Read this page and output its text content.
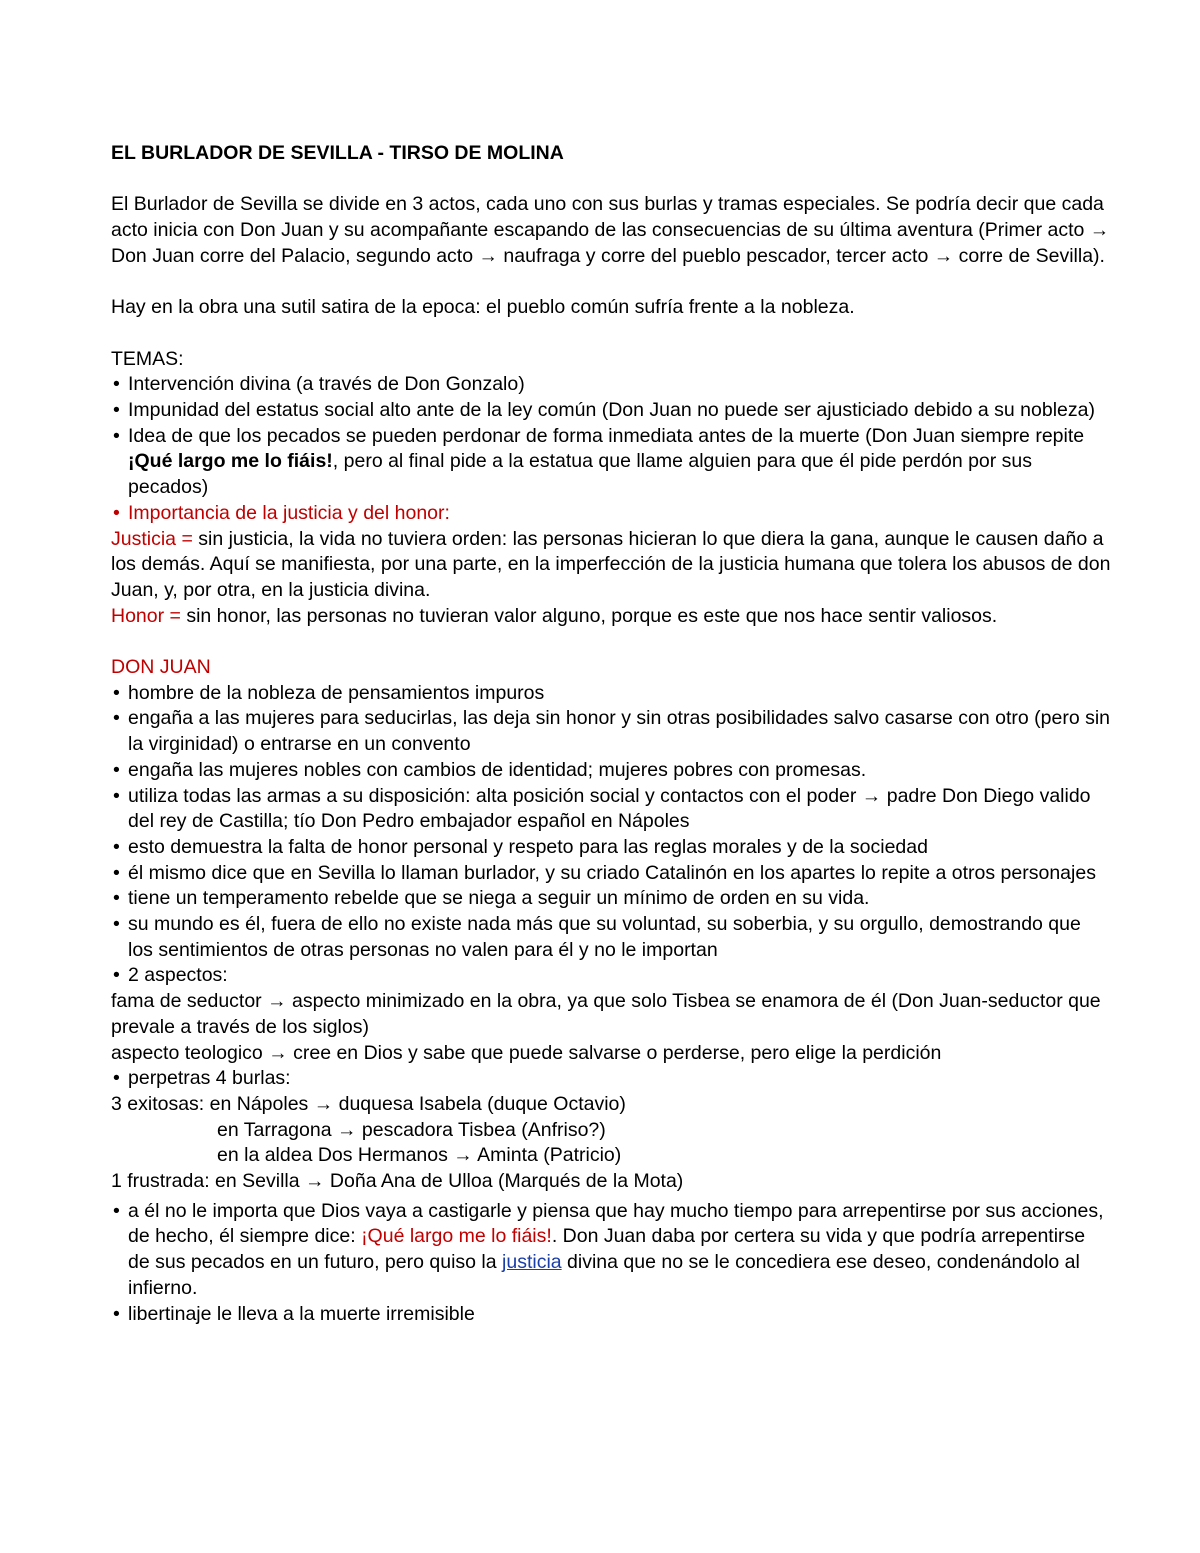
EL BURLADOR DE SEVILLA - TIRSO DE MOLINA

El Burlador de Sevilla se divide en 3 actos, cada uno con sus burlas y tramas especiales. Se podría decir que cada acto inicia con Don Juan y su acompañante escapando de las consecuencias de su última aventura (Primer acto → Don Juan corre del Palacio, segundo acto → naufraga y corre del pueblo pescador, tercer acto → corre de Sevilla).

Hay en la obra una sutil satira de la epoca: el pueblo común sufría frente a la nobleza.

TEMAS:

• Intervención divina (a través de Don Gonzalo)
• Impunidad del estatus social alto ante de la ley común (Don Juan no puede ser ajusticiado debido a su nobleza)
• Idea de que los pecados se pueden perdonar de forma inmediata antes de la muerte (Don Juan siempre repite ¡Qué largo me lo fiáis!, pero al final pide a la estatua que llame alguien para que él pide perdón por sus pecados)
• Importancia de la justicia y del honor:

Justicia = sin justicia, la vida no tuviera orden: las personas hicieran lo que diera la gana, aunque le causen daño a los demás. Aquí se manifiesta, por una parte, en la imperfección de la justicia humana que tolera los abusos de don Juan, y, por otra, en la justicia divina.

Honor = sin honor, las personas no tuvieran valor alguno, porque es este que nos hace sentir valiosos.

DON JUAN

• hombre de la nobleza de pensamientos impuros
• engaña a las mujeres para seducirlas, las deja sin honor y sin otras posibilidades salvo casarse con otro (pero sin la virginidad) o entrarse en un convento
• engaña las mujeres nobles con cambios de identidad; mujeres pobres con promesas.
• utiliza todas las armas a su disposición: alta posición social y contactos con el poder → padre Don Diego valido del rey de Castilla; tío Don Pedro embajador español en Nápoles
• esto demuestra la falta de honor personal y respeto para las reglas morales y de la sociedad
• él mismo dice que en Sevilla lo llaman burlador, y su criado Catalinón en los apartes lo repite a otros personajes
• tiene un temperamento rebelde que se niega a seguir un mínimo de orden en su vida.
• su mundo es él, fuera de ello no existe nada más que su voluntad, su soberbia, y su orgullo, demostrando que los sentimientos de otras personas no valen para él y no le importan
• 2 aspectos:

fama de seductor → aspecto minimizado en la obra, ya que solo Tisbea se enamora de él (Don Juan-seductor que prevale a través de los siglos)

aspecto teologico → cree en Dios y sabe que puede salvarse o perderse, pero elige la perdición

• perpetras 4 burlas:

3 exitosas: en Nápoles → duquesa Isabela (duque Octavio)

en Tarragona → pescadora Tisbea (Anfriso?)

en la aldea Dos Hermanos → Aminta (Patricio)

1 frustrada: en Sevilla → Doña Ana de Ulloa (Marqués de la Mota)

• a él no le importa que Dios vaya a castigarle y piensa que hay mucho tiempo para arrepentirse por sus acciones, de hecho, él siempre dice: ¡Qué largo me lo fiáis!. Don Juan daba por certera su vida y que podría arrepentirse de sus pecados en un futuro, pero quiso la justicia divina que no se le concediera ese deseo, condenándolo al infierno.
• libertinaje le lleva a la muerte irremisible
